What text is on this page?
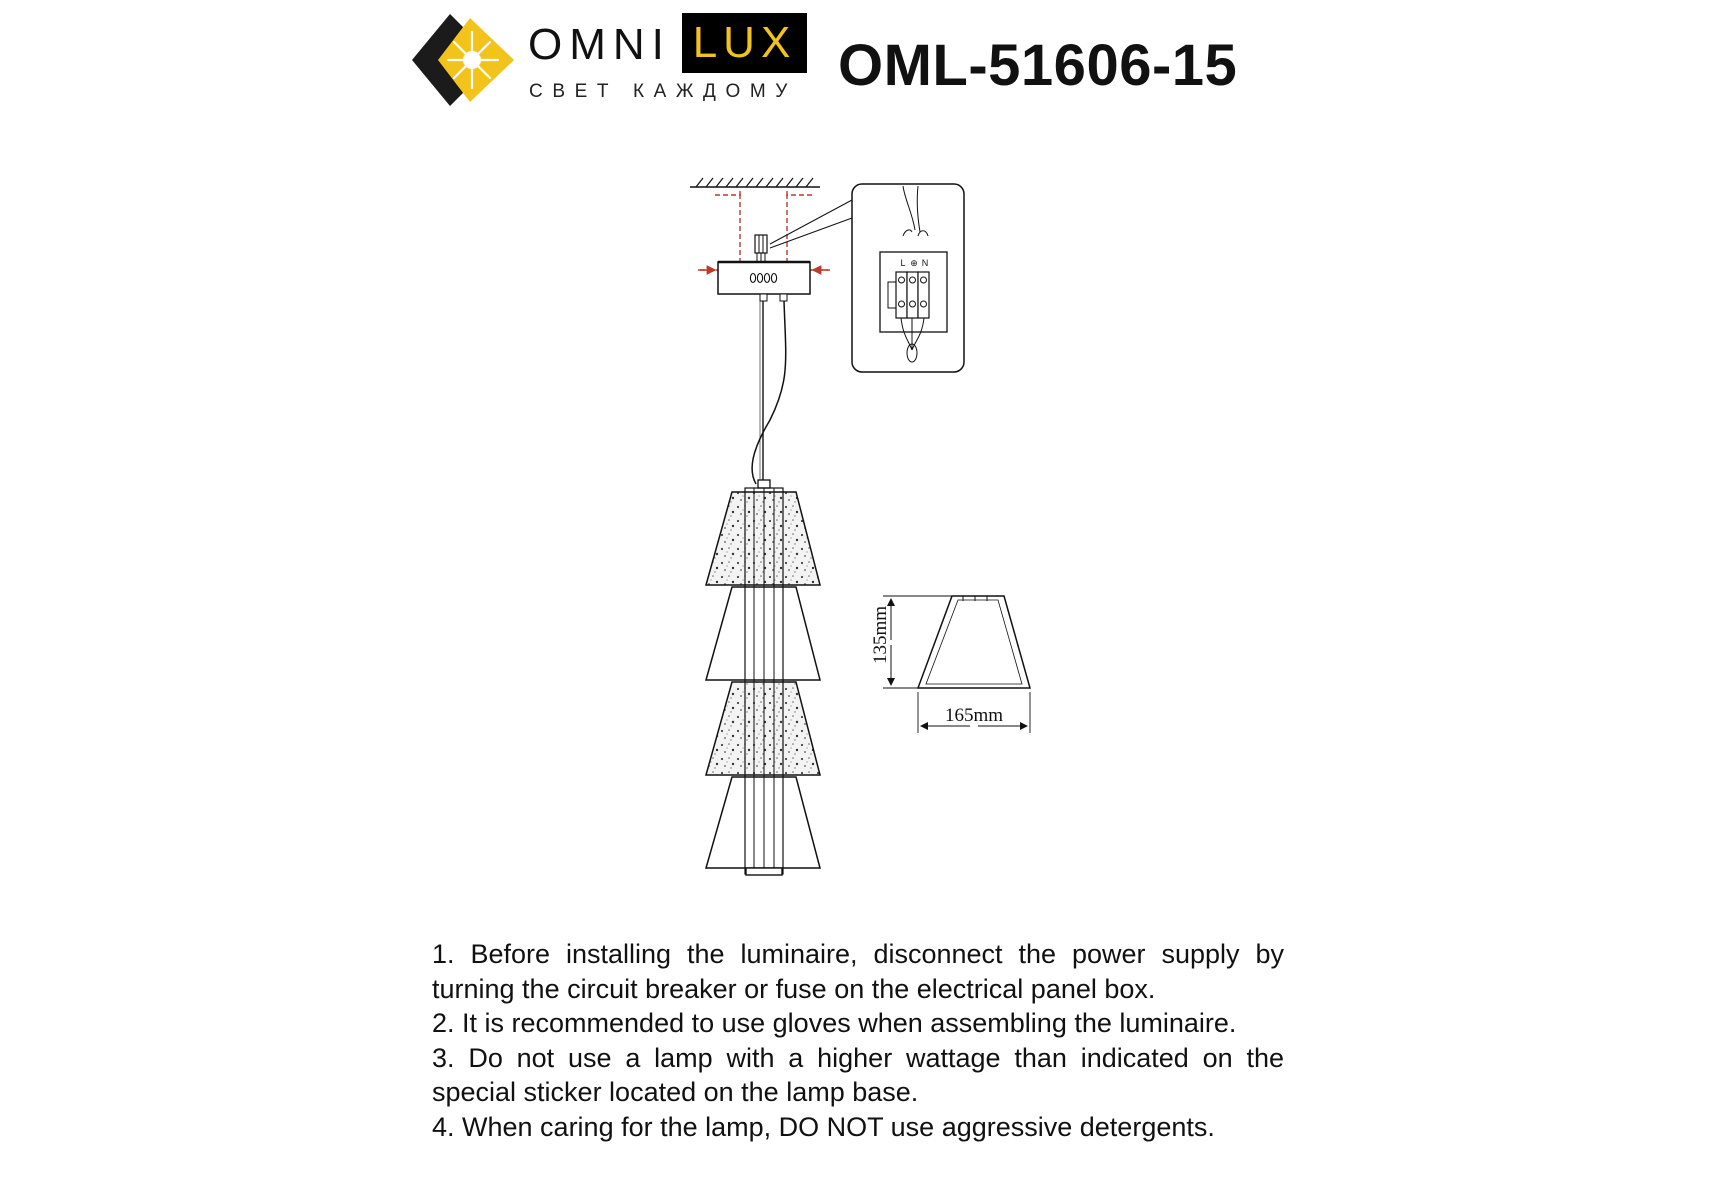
OMNI LUX
СВЕТ КАЖДОМУ OML-51606-15
L ⊕ N
135mm
165mm
1. Before installing the luminaire, disconnect the power supply by turning the circuit breaker or fuse on the electrical panel box.
2. It is recommended to use gloves when assembling the luminaire.
3. Do not use a lamp with a higher wattage than indicated on the special sticker located on the lamp base.
4. When caring for the lamp, DO NOT use aggressive detergents.
